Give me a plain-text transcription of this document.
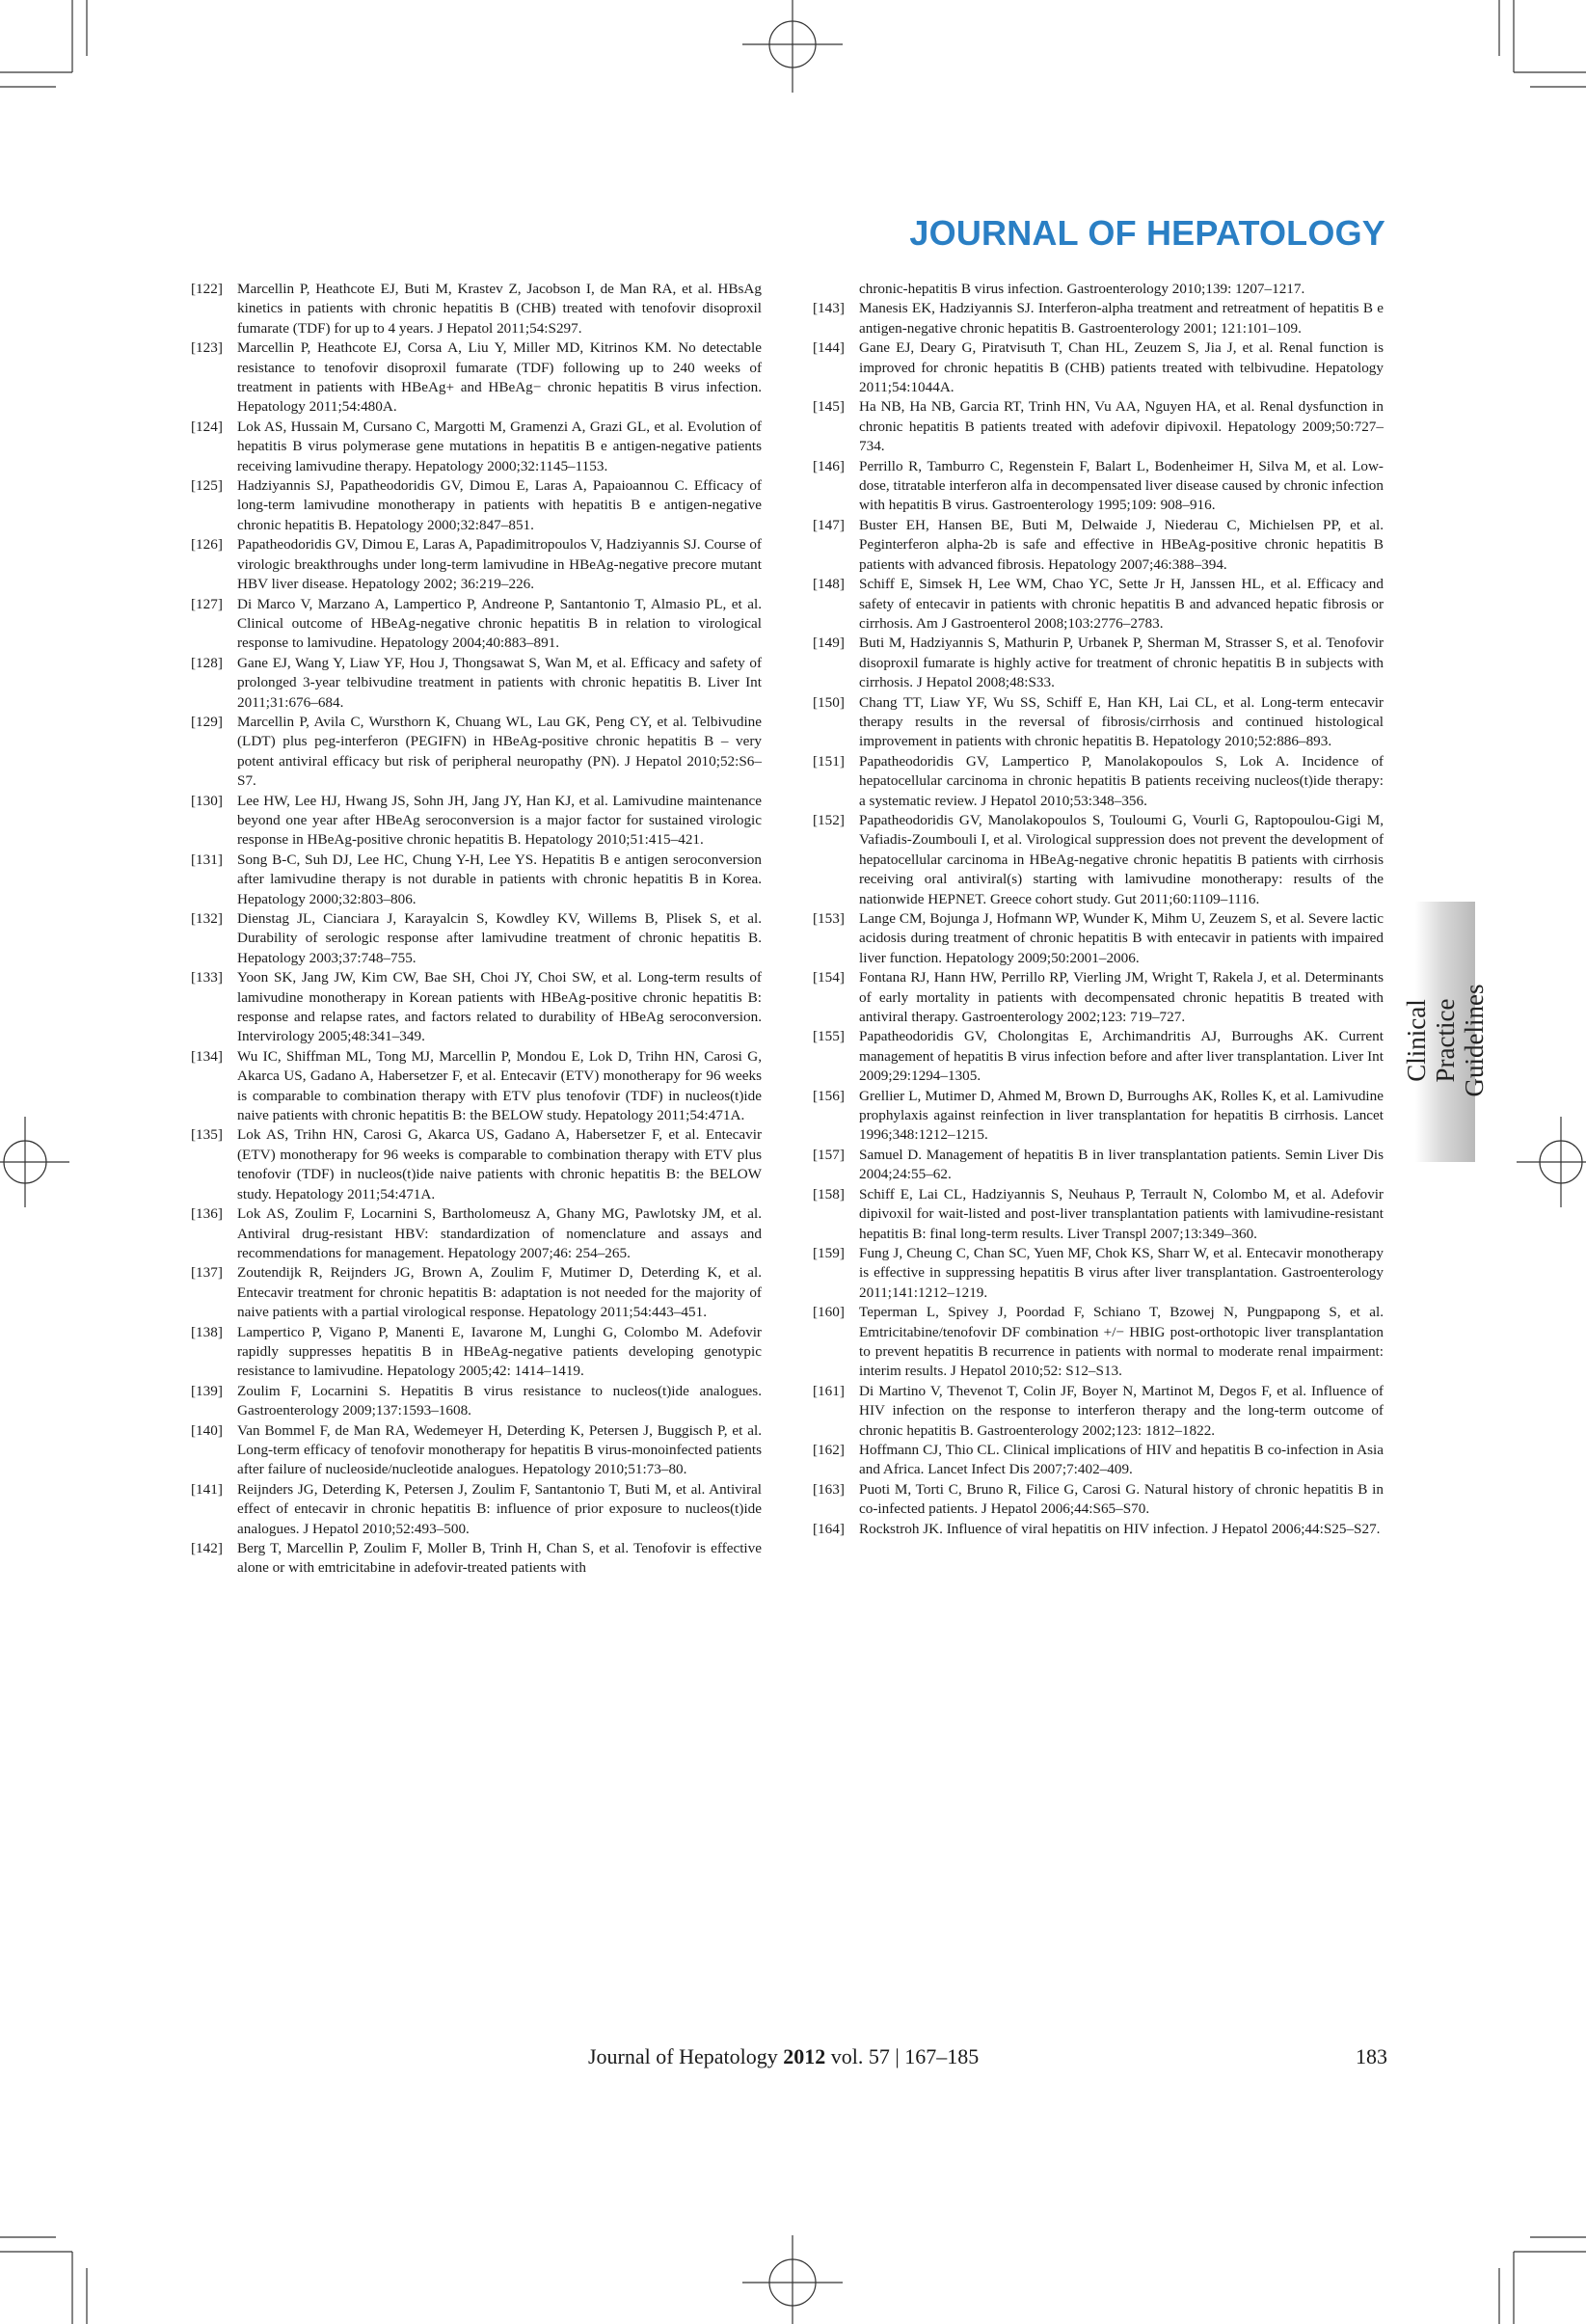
JOURNAL OF HEPATOLOGY

[122] Marcellin P, Heathcote EJ, Buti M, Krastev Z, Jacobson I, de Man RA, et al. HBsAg kinetics in patients with chronic hepatitis B (CHB) treated with tenofovir disoproxil fumarate (TDF) for up to 4 years. J Hepatol 2011;54:S297.

[123] Marcellin P, Heathcote EJ, Corsa A, Liu Y, Miller MD, Kitrinos KM. No detectable resistance to tenofovir disoproxil fumarate (TDF) following up to 240 weeks of treatment in patients with HBeAg+ and HBeAg− chronic hepatitis B virus infection. Hepatology 2011;54:480A.

[124] Lok AS, Hussain M, Cursano C, Margotti M, Gramenzi A, Grazi GL, et al. Evolution of hepatitis B virus polymerase gene mutations in hepatitis B e antigen-negative patients receiving lamivudine therapy. Hepatology 2000;32:1145–1153.

[125] Hadziyannis SJ, Papatheodoridis GV, Dimou E, Laras A, Papaioannou C. Efficacy of long-term lamivudine monotherapy in patients with hepatitis B e antigen-negative chronic hepatitis B. Hepatology 2000;32:847–851.

[126] Papatheodoridis GV, Dimou E, Laras A, Papadimitropoulos V, Hadziyannis SJ. Course of virologic breakthroughs under long-term lamivudine in HBeAg-negative precore mutant HBV liver disease. Hepatology 2002; 36:219–226.

[127] Di Marco V, Marzano A, Lampertico P, Andreone P, Santantonio T, Almasio PL, et al. Clinical outcome of HBeAg-negative chronic hepatitis B in relation to virological response to lamivudine. Hepatology 2004;40:883–891.

[128] Gane EJ, Wang Y, Liaw YF, Hou J, Thongsawat S, Wan M, et al. Efficacy and safety of prolonged 3-year telbivudine treatment in patients with chronic hepatitis B. Liver Int 2011;31:676–684.

[129] Marcellin P, Avila C, Wursthorn K, Chuang WL, Lau GK, Peng CY, et al. Telbivudine (LDT) plus peg-interferon (PEGIFN) in HBeAg-positive chronic hepatitis B – very potent antiviral efficacy but risk of peripheral neuropathy (PN). J Hepatol 2010;52:S6–S7.

[130] Lee HW, Lee HJ, Hwang JS, Sohn JH, Jang JY, Han KJ, et al. Lamivudine maintenance beyond one year after HBeAg seroconversion is a major factor for sustained virologic response in HBeAg-positive chronic hepatitis B. Hepatology 2010;51:415–421.

[131] Song B-C, Suh DJ, Lee HC, Chung Y-H, Lee YS. Hepatitis B e antigen seroconversion after lamivudine therapy is not durable in patients with chronic hepatitis B in Korea. Hepatology 2000;32:803–806.

[132] Dienstag JL, Cianciara J, Karayalcin S, Kowdley KV, Willems B, Plisek S, et al. Durability of serologic response after lamivudine treatment of chronic hepatitis B. Hepatology 2003;37:748–755.

[133] Yoon SK, Jang JW, Kim CW, Bae SH, Choi JY, Choi SW, et al. Long-term results of lamivudine monotherapy in Korean patients with HBeAg-positive chronic hepatitis B: response and relapse rates, and factors related to durability of HBeAg seroconversion. Intervirology 2005;48:341–349.

[134] Wu IC, Shiffman ML, Tong MJ, Marcellin P, Mondou E, Lok D, Trihn HN, Carosi G, Akarca US, Gadano A, Habersetzer F, et al. Entecavir (ETV) monotherapy for 96 weeks is comparable to combination therapy with ETV plus tenofovir (TDF) in nucleos(t)ide naive patients with chronic hepatitis B: the BELOW study. Hepatology 2011;54:471A.

[135] Lok AS, Trihn HN, Carosi G, Akarca US, Gadano A, Habersetzer F, et al. Entecavir (ETV) monotherapy for 96 weeks is comparable to combination therapy with ETV plus tenofovir (TDF) in nucleos(t)ide naive patients with chronic hepatitis B: the BELOW study. Hepatology 2011;54:471A.

[136] Lok AS, Zoulim F, Locarnini S, Bartholomeusz A, Ghany MG, Pawlotsky JM, et al. Antiviral drug-resistant HBV: standardization of nomenclature and assays and recommendations for management. Hepatology 2007;46: 254–265.

[137] Zoutendijk R, Reijnders JG, Brown A, Zoulim F, Mutimer D, Deterding K, et al. Entecavir treatment for chronic hepatitis B: adaptation is not needed for the majority of naive patients with a partial virological response. Hepatology 2011;54:443–451.

[138] Lampertico P, Vigano P, Manenti E, Iavarone M, Lunghi G, Colombo M. Adefovir rapidly suppresses hepatitis B in HBeAg-negative patients developing genotypic resistance to lamivudine. Hepatology 2005;42: 1414–1419.

[139] Zoulim F, Locarnini S. Hepatitis B virus resistance to nucleos(t)ide analogues. Gastroenterology 2009;137:1593–1608.

[140] Van Bommel F, de Man RA, Wedemeyer H, Deterding K, Petersen J, Buggisch P, et al. Long-term efficacy of tenofovir monotherapy for hepatitis B virus-monoinfected patients after failure of nucleoside/nucleotide analogues. Hepatology 2010;51:73–80.

[141] Reijnders JG, Deterding K, Petersen J, Zoulim F, Santantonio T, Buti M, et al. Antiviral effect of entecavir in chronic hepatitis B: influence of prior exposure to nucleos(t)ide analogues. J Hepatol 2010;52:493–500.

[142] Berg T, Marcellin P, Zoulim F, Moller B, Trinh H, Chan S, et al. Tenofovir is effective alone or with emtricitabine in adefovir-treated patients with

chronic-hepatitis B virus infection. Gastroenterology 2010;139: 1207–1217.

[143] Manesis EK, Hadziyannis SJ. Interferon-alpha treatment and retreatment of hepatitis B e antigen-negative chronic hepatitis B. Gastroenterology 2001; 121:101–109.

[144] Gane EJ, Deary G, Piratvisuth T, Chan HL, Zeuzem S, Jia J, et al. Renal function is improved for chronic hepatitis B (CHB) patients treated with telbivudine. Hepatology 2011;54:1044A.

[145] Ha NB, Ha NB, Garcia RT, Trinh HN, Vu AA, Nguyen HA, et al. Renal dysfunction in chronic hepatitis B patients treated with adefovir dipivoxil. Hepatology 2009;50:727–734.

[146] Perrillo R, Tamburro C, Regenstein F, Balart L, Bodenheimer H, Silva M, et al. Low-dose, titratable interferon alfa in decompensated liver disease caused by chronic infection with hepatitis B virus. Gastroenterology 1995;109: 908–916.

[147] Buster EH, Hansen BE, Buti M, Delwaide J, Niederau C, Michielsen PP, et al. Peginterferon alpha-2b is safe and effective in HBeAg-positive chronic hepatitis B patients with advanced fibrosis. Hepatology 2007;46:388–394.

[148] Schiff E, Simsek H, Lee WM, Chao YC, Sette Jr H, Janssen HL, et al. Efficacy and safety of entecavir in patients with chronic hepatitis B and advanced hepatic fibrosis or cirrhosis. Am J Gastroenterol 2008;103:2776–2783.

[149] Buti M, Hadziyannis S, Mathurin P, Urbanek P, Sherman M, Strasser S, et al. Tenofovir disoproxil fumarate is highly active for treatment of chronic hepatitis B in subjects with cirrhosis. J Hepatol 2008;48:S33.

[150] Chang TT, Liaw YF, Wu SS, Schiff E, Han KH, Lai CL, et al. Long-term entecavir therapy results in the reversal of fibrosis/cirrhosis and continued histological improvement in patients with chronic hepatitis B. Hepatology 2010;52:886–893.

[151] Papatheodoridis GV, Lampertico P, Manolakopoulos S, Lok A. Incidence of hepatocellular carcinoma in chronic hepatitis B patients receiving nucleos(t)ide therapy: a systematic review. J Hepatol 2010;53:348–356.

[152] Papatheodoridis GV, Manolakopoulos S, Touloumi G, Vourli G, Raptopoulou-Gigi M, Vafiadis-Zoumbouli I, et al. Virological suppression does not prevent the development of hepatocellular carcinoma in HBeAg-negative chronic hepatitis B patients with cirrhosis receiving oral antiviral(s) starting with lamivudine monotherapy: results of the nationwide HEPNET. Greece cohort study. Gut 2011;60:1109–1116.

[153] Lange CM, Bojunga J, Hofmann WP, Wunder K, Mihm U, Zeuzem S, et al. Severe lactic acidosis during treatment of chronic hepatitis B with entecavir in patients with impaired liver function. Hepatology 2009;50:2001–2006.

[154] Fontana RJ, Hann HW, Perrillo RP, Vierling JM, Wright T, Rakela J, et al. Determinants of early mortality in patients with decompensated chronic hepatitis B treated with antiviral therapy. Gastroenterology 2002;123: 719–727.

[155] Papatheodoridis GV, Cholongitas E, Archimandritis AJ, Burroughs AK. Current management of hepatitis B virus infection before and after liver transplantation. Liver Int 2009;29:1294–1305.

[156] Grellier L, Mutimer D, Ahmed M, Brown D, Burroughs AK, Rolles K, et al. Lamivudine prophylaxis against reinfection in liver transplantation for hepatitis B cirrhosis. Lancet 1996;348:1212–1215.

[157] Samuel D. Management of hepatitis B in liver transplantation patients. Semin Liver Dis 2004;24:55–62.

[158] Schiff E, Lai CL, Hadziyannis S, Neuhaus P, Terrault N, Colombo M, et al. Adefovir dipivoxil for wait-listed and post-liver transplantation patients with lamivudine-resistant hepatitis B: final long-term results. Liver Transpl 2007;13:349–360.

[159] Fung J, Cheung C, Chan SC, Yuen MF, Chok KS, Sharr W, et al. Entecavir monotherapy is effective in suppressing hepatitis B virus after liver transplantation. Gastroenterology 2011;141:1212–1219.

[160] Teperman L, Spivey J, Poordad F, Schiano T, Bzowej N, Pungpapong S, et al. Emtricitabine/tenofovir DF combination +/− HBIG post-orthotopic liver transplantation to prevent hepatitis B recurrence in patients with normal to moderate renal impairment: interim results. J Hepatol 2010;52: S12–S13.

[161] Di Martino V, Thevenot T, Colin JF, Boyer N, Martinot M, Degos F, et al. Influence of HIV infection on the response to interferon therapy and the long-term outcome of chronic hepatitis B. Gastroenterology 2002;123: 1812–1822.

[162] Hoffmann CJ, Thio CL. Clinical implications of HIV and hepatitis B co-infection in Asia and Africa. Lancet Infect Dis 2007;7:402–409.

[163] Puoti M, Torti C, Bruno R, Filice G, Carosi G. Natural history of chronic hepatitis B in co-infected patients. J Hepatol 2006;44:S65–S70.

[164] Rockstroh JK. Influence of viral hepatitis on HIV infection. J Hepatol 2006;44:S25–S27.

Clinical Practice Guidelines

Journal of Hepatology 2012 vol. 57 | 167–185	183
